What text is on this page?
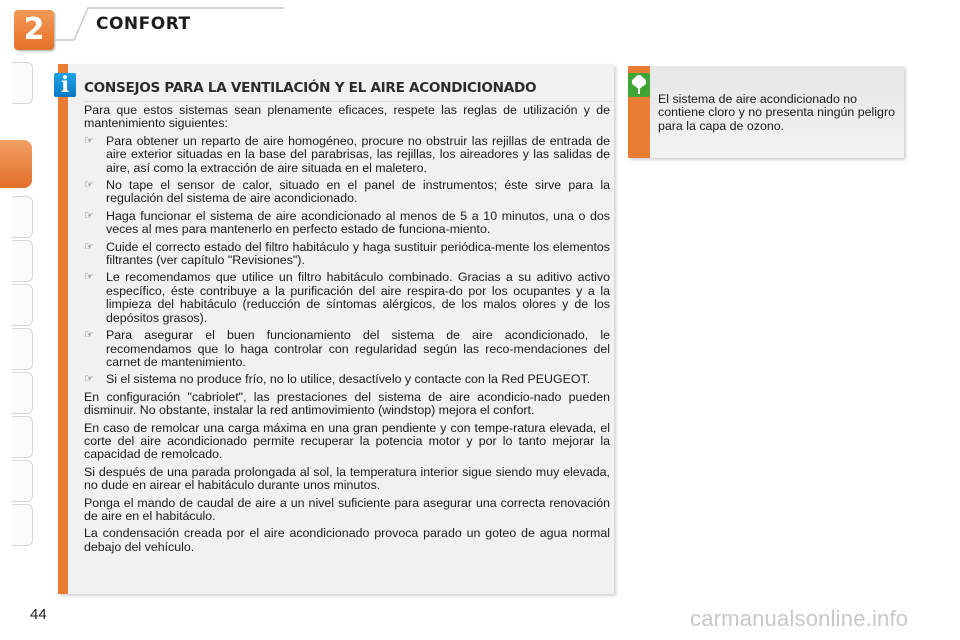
2	CONFORT
i	CONSEJOS PARA LA VENTILACIÓN Y EL AIRE ACONDICIONADO

Para que estos sistemas sean plenamente eficaces, respete las reglas de utilización y de mantenimiento siguientes:

☞ Para obtener un reparto de aire homogéneo, procure no obstruir las rejillas de entrada de aire exterior situadas en la base del parabrisas, las rejillas, los aireadores y las salidas de aire, así como la extracción de aire situada en el maletero.
☞ No tape el sensor de calor, situado en el panel de instrumentos; éste sirve para la regulación del sistema de aire acondicionado.
☞ Haga funcionar el sistema de aire acondicionado al menos de 5 a 10 minutos, una o dos veces al mes para mantenerlo en perfecto estado de funciona-miento.
☞ Cuide el correcto estado del filtro habitáculo y haga sustituir periódica-mente los elementos filtrantes (ver capítulo "Revisiones").
☞ Le recomendamos que utilice un filtro habitáculo combinado. Gracias a su aditivo activo específico, éste contribuye a la purificación del aire respira-do por los ocupantes y a la limpieza del habitáculo (reducción de síntomas alérgicos, de los malos olores y de los depósitos grasos).
☞ Para asegurar el buen funcionamiento del sistema de aire acondicionado, le recomendamos que lo haga controlar con regularidad según las reco-mendaciones del carnet de mantenimiento.
☞ Si el sistema no produce frío, no lo utilice, desactívelo y contacte con la Red PEUGEOT.

En configuración "cabriolet", las prestaciones del sistema de aire acondicio-nado pueden disminuir. No obstante, instalar la red antimovimiento (windstop) mejora el confort.

En caso de remolcar una carga máxima en una gran pendiente y con tempe-ratura elevada, el corte del aire acondicionado permite recuperar la potencia motor y por lo tanto mejorar la capacidad de remolcado.

Si después de una parada prolongada al sol, la temperatura interior sigue siendo muy elevada, no dude en airear el habitáculo durante unos minutos.

Ponga el mando de caudal de aire a un nivel suficiente para asegurar una correcta renovación de aire en el habitáculo.

La condensación creada por el aire acondicionado provoca parado un goteo de agua normal debajo del vehículo.

El sistema de aire acondicionado no contiene cloro y no presenta ningún peligro para la capa de ozono.
44	carmanualsonline.info
